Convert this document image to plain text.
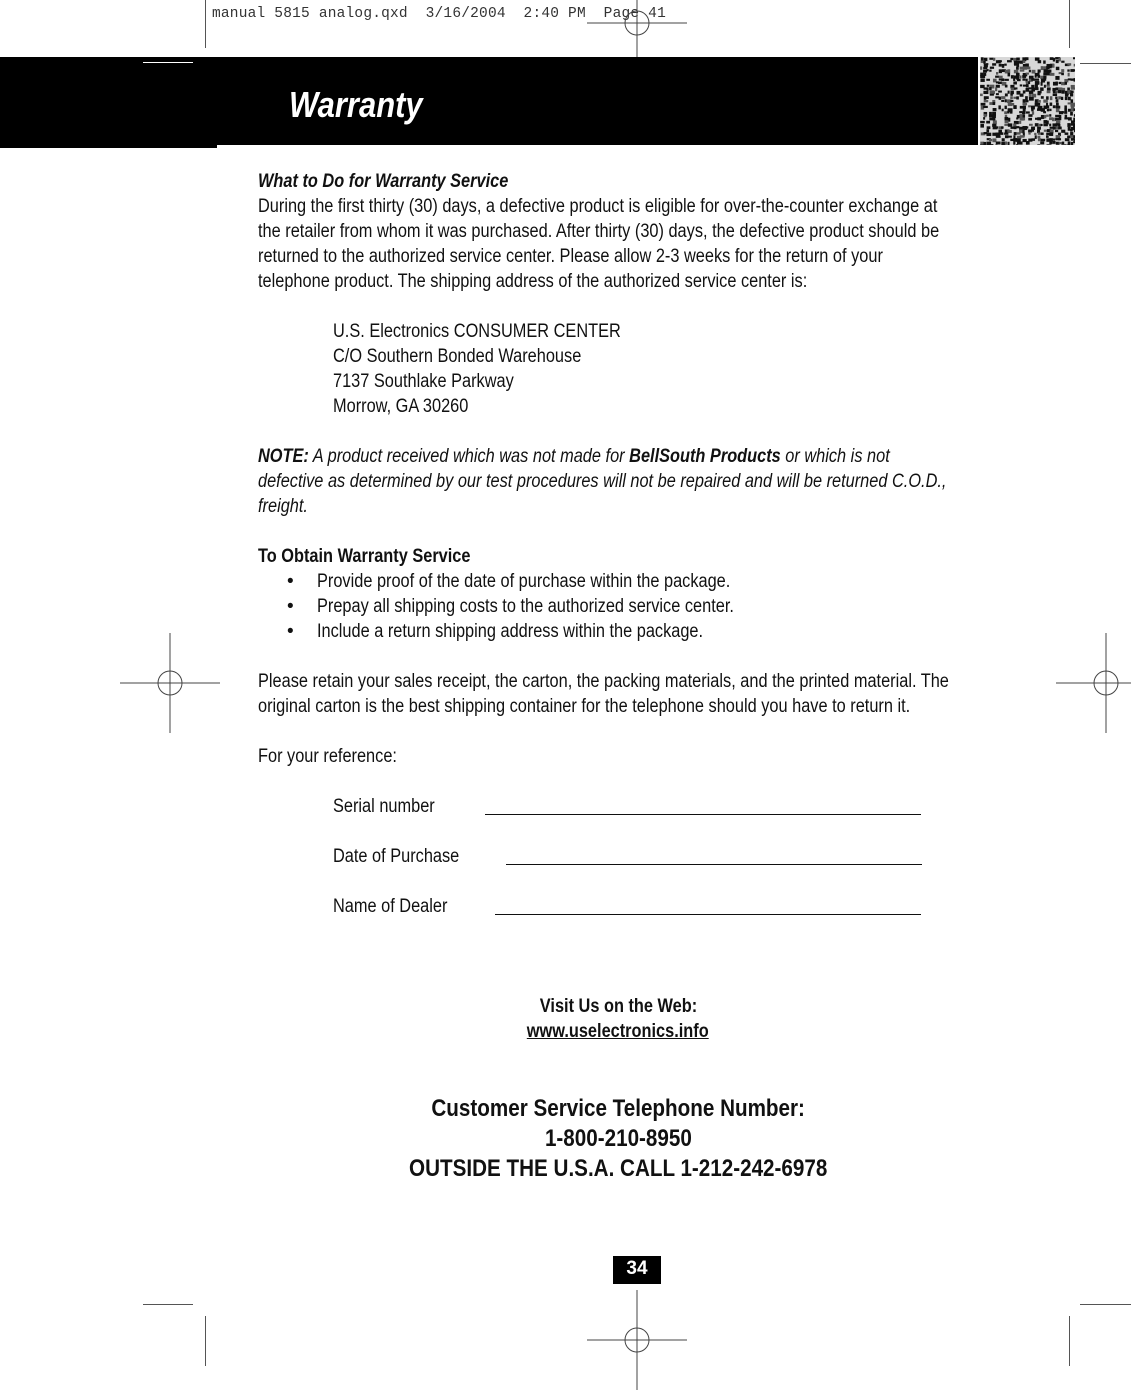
manual 5815 analog.qxd  3/16/2004  2:40 PM  Page 41
Warranty
What to Do for Warranty Service
During the first thirty (30) days, a defective product is eligible for over-the-counter exchange at
the retailer from whom it was purchased. After thirty (30) days, the defective product should be
returned to the authorized service center. Please allow 2-3 weeks for the return of your
telephone product. The shipping address of the authorized service center is:
U.S. Electronics CONSUMER CENTER
C/O Southern Bonded Warehouse
7137 Southlake Parkway
Morrow, GA 30260
NOTE: A product received which was not made for BellSouth Products or which is not
defective as determined by our test procedures will not be repaired and will be returned C.O.D.,
freight.
To Obtain Warranty Service
• Provide proof of the date of purchase within the package.
• Prepay all shipping costs to the authorized service center.
• Include a return shipping address within the package.
Please retain your sales receipt, the carton, the packing materials, and the printed material. The
original carton is the best shipping container for the telephone should you have to return it.
For your reference:
Serial number
Date of Purchase
Name of Dealer
Visit Us on the Web:
www.uselectronics.info
Customer Service Telephone Number:
1-800-210-8950
OUTSIDE THE U.S.A. CALL 1-212-242-6978
34
